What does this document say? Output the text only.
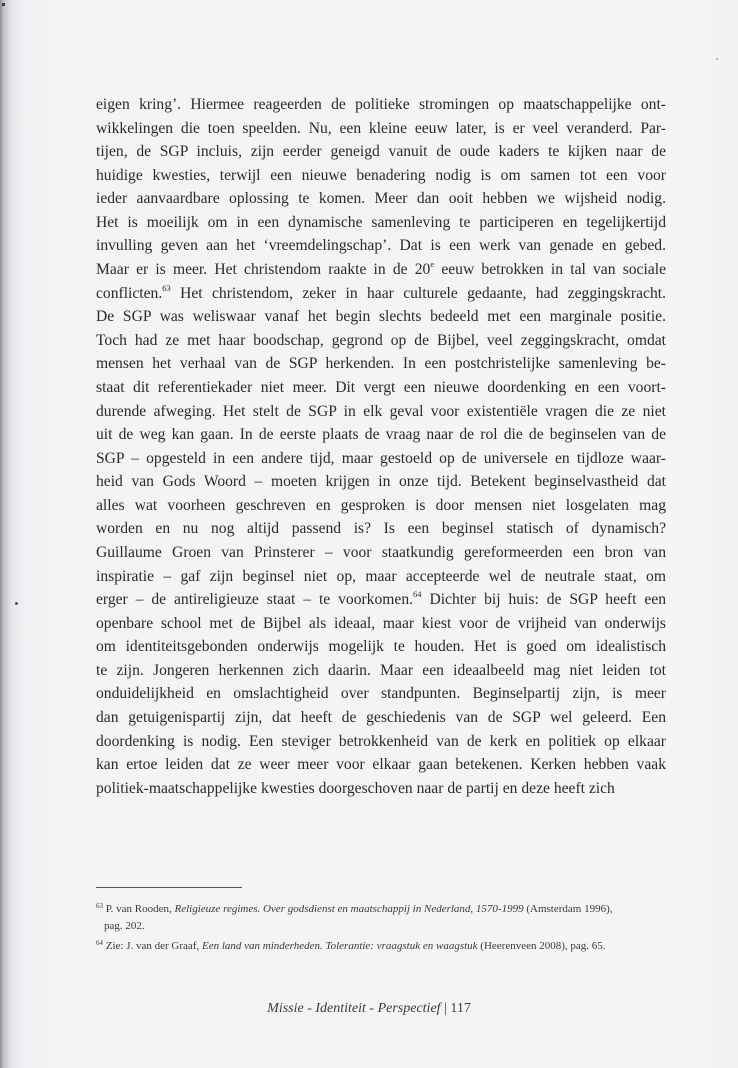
eigen kring’. Hiermee reageerden de politieke stromingen op maatschappelijke ont-
wikkelingen die toen speelden. Nu, een kleine eeuw later, is er veel veranderd. Par-
tijen, de SGP incluis, zijn eerder geneigd vanuit de oude kaders te kijken naar de
huidige kwesties, terwijl een nieuwe benadering nodig is om samen tot een voor
ieder aanvaardbare oplossing te komen. Meer dan ooit hebben we wijsheid nodig.
Het is moeilijk om in een dynamische samenleving te participeren en tegelijkertijd
invulling geven aan het ‘vreemdelingschap’. Dat is een werk van genade en gebed.
Maar er is meer. Het christendom raakte in de 20e eeuw betrokken in tal van sociale
conflicten.$^{63}$ Het christendom, zeker in haar culturele gedaante, had zeggingskracht.
De SGP was weliswaar vanaf het begin slechts bedeeld met een marginale positie.
Toch had ze met haar boodschap, gegrond op de Bijbel, veel zeggingskracht, omdat
mensen het verhaal van de SGP herkenden. In een postchristelijke samenleving be-
staat dit referentiekader niet meer. Dit vergt een nieuwe doordenking en een voort-
durende afweging. Het stelt de SGP in elk geval voor existentiële vragen die ze niet
uit de weg kan gaan. In de eerste plaats de vraag naar de rol die de beginselen van de
SGP – opgesteld in een andere tijd, maar gestoeld op de universele en tijdloze waar-
heid van Gods Woord – moeten krijgen in onze tijd. Betekent beginselvastheid dat
alles wat voorheen geschreven en gesproken is door mensen niet losgelaten mag
worden en nu nog altijd passend is? Is een beginsel statisch of dynamisch?
Guillaume Groen van Prinsterer – voor staatkundig gereformeerden een bron van
inspiratie – gaf zijn beginsel niet op, maar accepteerde wel de neutrale staat, om
erger – de antireligieuze staat – te voorkomen.$^{64}$ Dichter bij huis: de SGP heeft een
openbare school met de Bijbel als ideaal, maar kiest voor de vrijheid van onderwijs
om identiteitsgebonden onderwijs mogelijk te houden. Het is goed om idealistisch
te zijn. Jongeren herkennen zich daarin. Maar een ideaalbeeld mag niet leiden tot
onduidelijkheid en omslachtigheid over standpunten. Beginselpartij zijn, is meer
dan getuigenispartij zijn, dat heeft de geschiedenis van de SGP wel geleerd. Een
doordenking is nodig. Een steviger betrokkenheid van de kerk en politiek op elkaar
kan ertoe leiden dat ze weer meer voor elkaar gaan betekenen. Kerken hebben vaak
politiek-maatschappelijke kwesties doorgeschoven naar de partij en deze heeft zich
$^{63}$ P. van Rooden, Religieuze regimes. Over godsdienst en maatschappij in Nederland, 1570-1999 (Amsterdam 1996),
pag. 202.
$^{64}$ Zie: J. van der Graaf, Een land van minderheden. Tolerantie: vraagstuk en waagstuk (Heerenveen 2008), pag. 65.
Missie - Identiteit - Perspectief | 117
